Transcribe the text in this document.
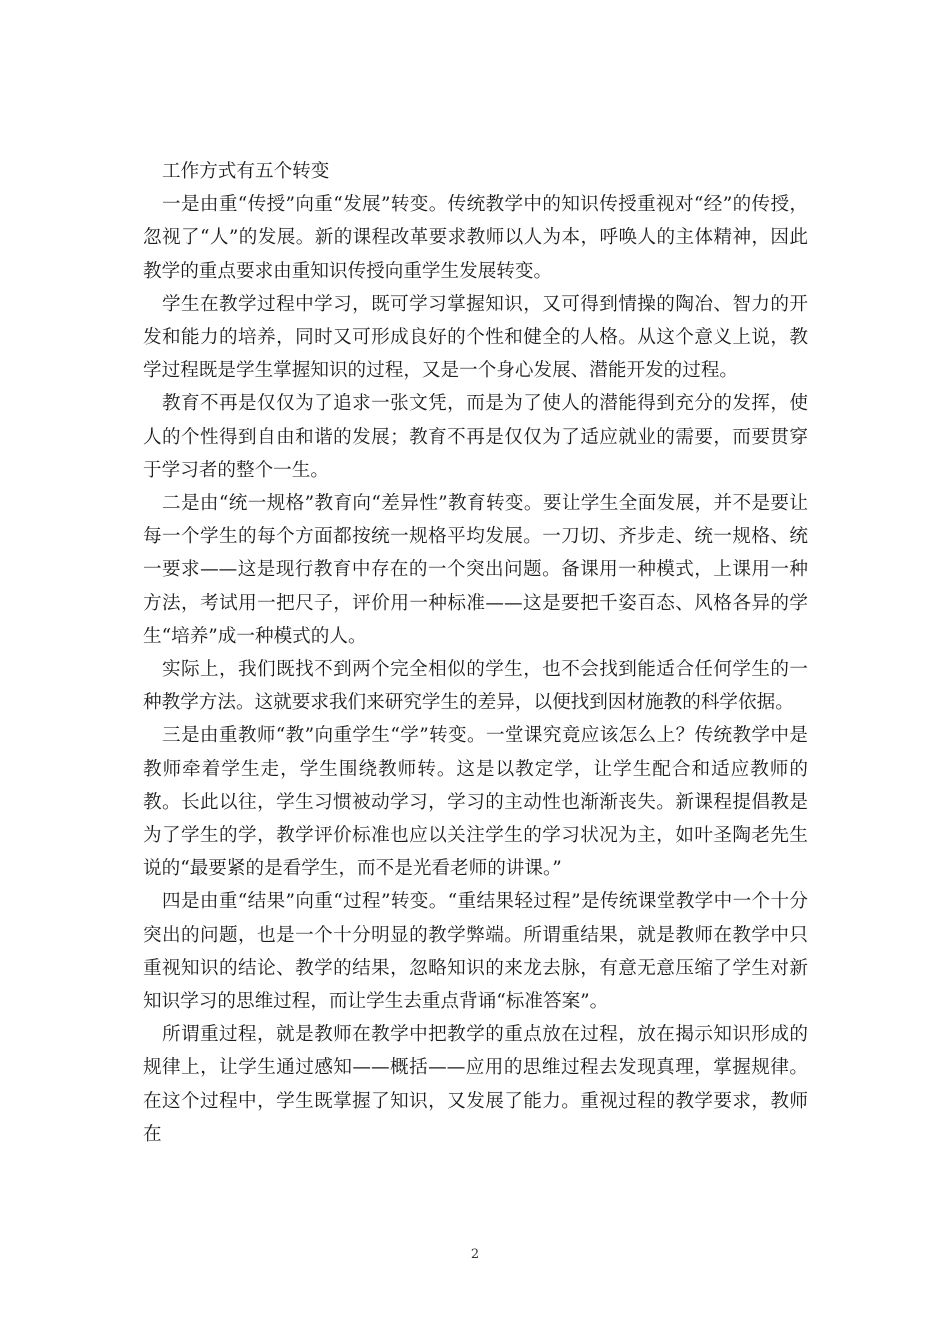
工作方式有五个转变

一是由重“传授”向重“发展”转变。传统教学中的知识传授重视对“经”的传授，忽视了“人”的发展。新的课程改革要求教师以人为本，呼唤人的主体精神，因此教学的重点要求由重知识传授向重学生发展转变。

学生在教学过程中学习，既可学习掌握知识，又可得到情操的陶冶、智力的开发和能力的培养，同时又可形成良好的个性和健全的人格。从这个意义上说，教学过程既是学生掌握知识的过程，又是一个身心发展、潜能开发的过程。

教育不再是仅仅为了追求一张文凭，而是为了使人的潜能得到充分的发挥，使人的个性得到自由和谐的发展；教育不再是仅仅为了适应就业的需要，而要贯穿于学习者的整个一生。

二是由“统一规格”教育向“差异性”教育转变。要让学生全面发展，并不是要让每一个学生的每个方面都按统一规格平均发展。一刀切、齐步走、统一规格、统一要求——这是现行教育中存在的一个突出问题。备课用一种模式，上课用一种方法，考试用一把尺子，评价用一种标准——这是要把千姿百态、风格各异的学生“培养”成一种模式的人。

实际上，我们既找不到两个完全相似的学生，也不会找到能适合任何学生的一种教学方法。这就要求我们来研究学生的差异，以便找到因材施教的科学依据。

三是由重教师“教”向重学生“学”转变。一堂课究竟应该怎么上？传统教学中是教师牵着学生走，学生围绕教师转。这是以教定学，让学生配合和适应教师的教。长此以往，学生习惯被动学习，学习的主动性也渐渐丧失。新课程提倡教是为了学生的学，教学评价标准也应以关注学生的学习状况为主，如叶圣陶老先生说的“最要紧的是看学生，而不是光看老师的讲课。”

四是由重“结果”向重“过程”转变。“重结果轻过程”是传统课堂教学中一个十分突出的问题，也是一个十分明显的教学弊端。所谓重结果，就是教师在教学中只重视知识的结论、教学的结果，忽略知识的来龙去脉，有意无意压缩了学生对新知识学习的思维过程，而让学生去重点背诵“标准答案”。

所谓重过程，就是教师在教学中把教学的重点放在过程，放在揭示知识形成的规律上，让学生通过感知——概括——应用的思维过程去发现真理，掌握规律。在这个过程中，学生既掌握了知识，又发展了能力。重视过程的教学要求，教师在

2
